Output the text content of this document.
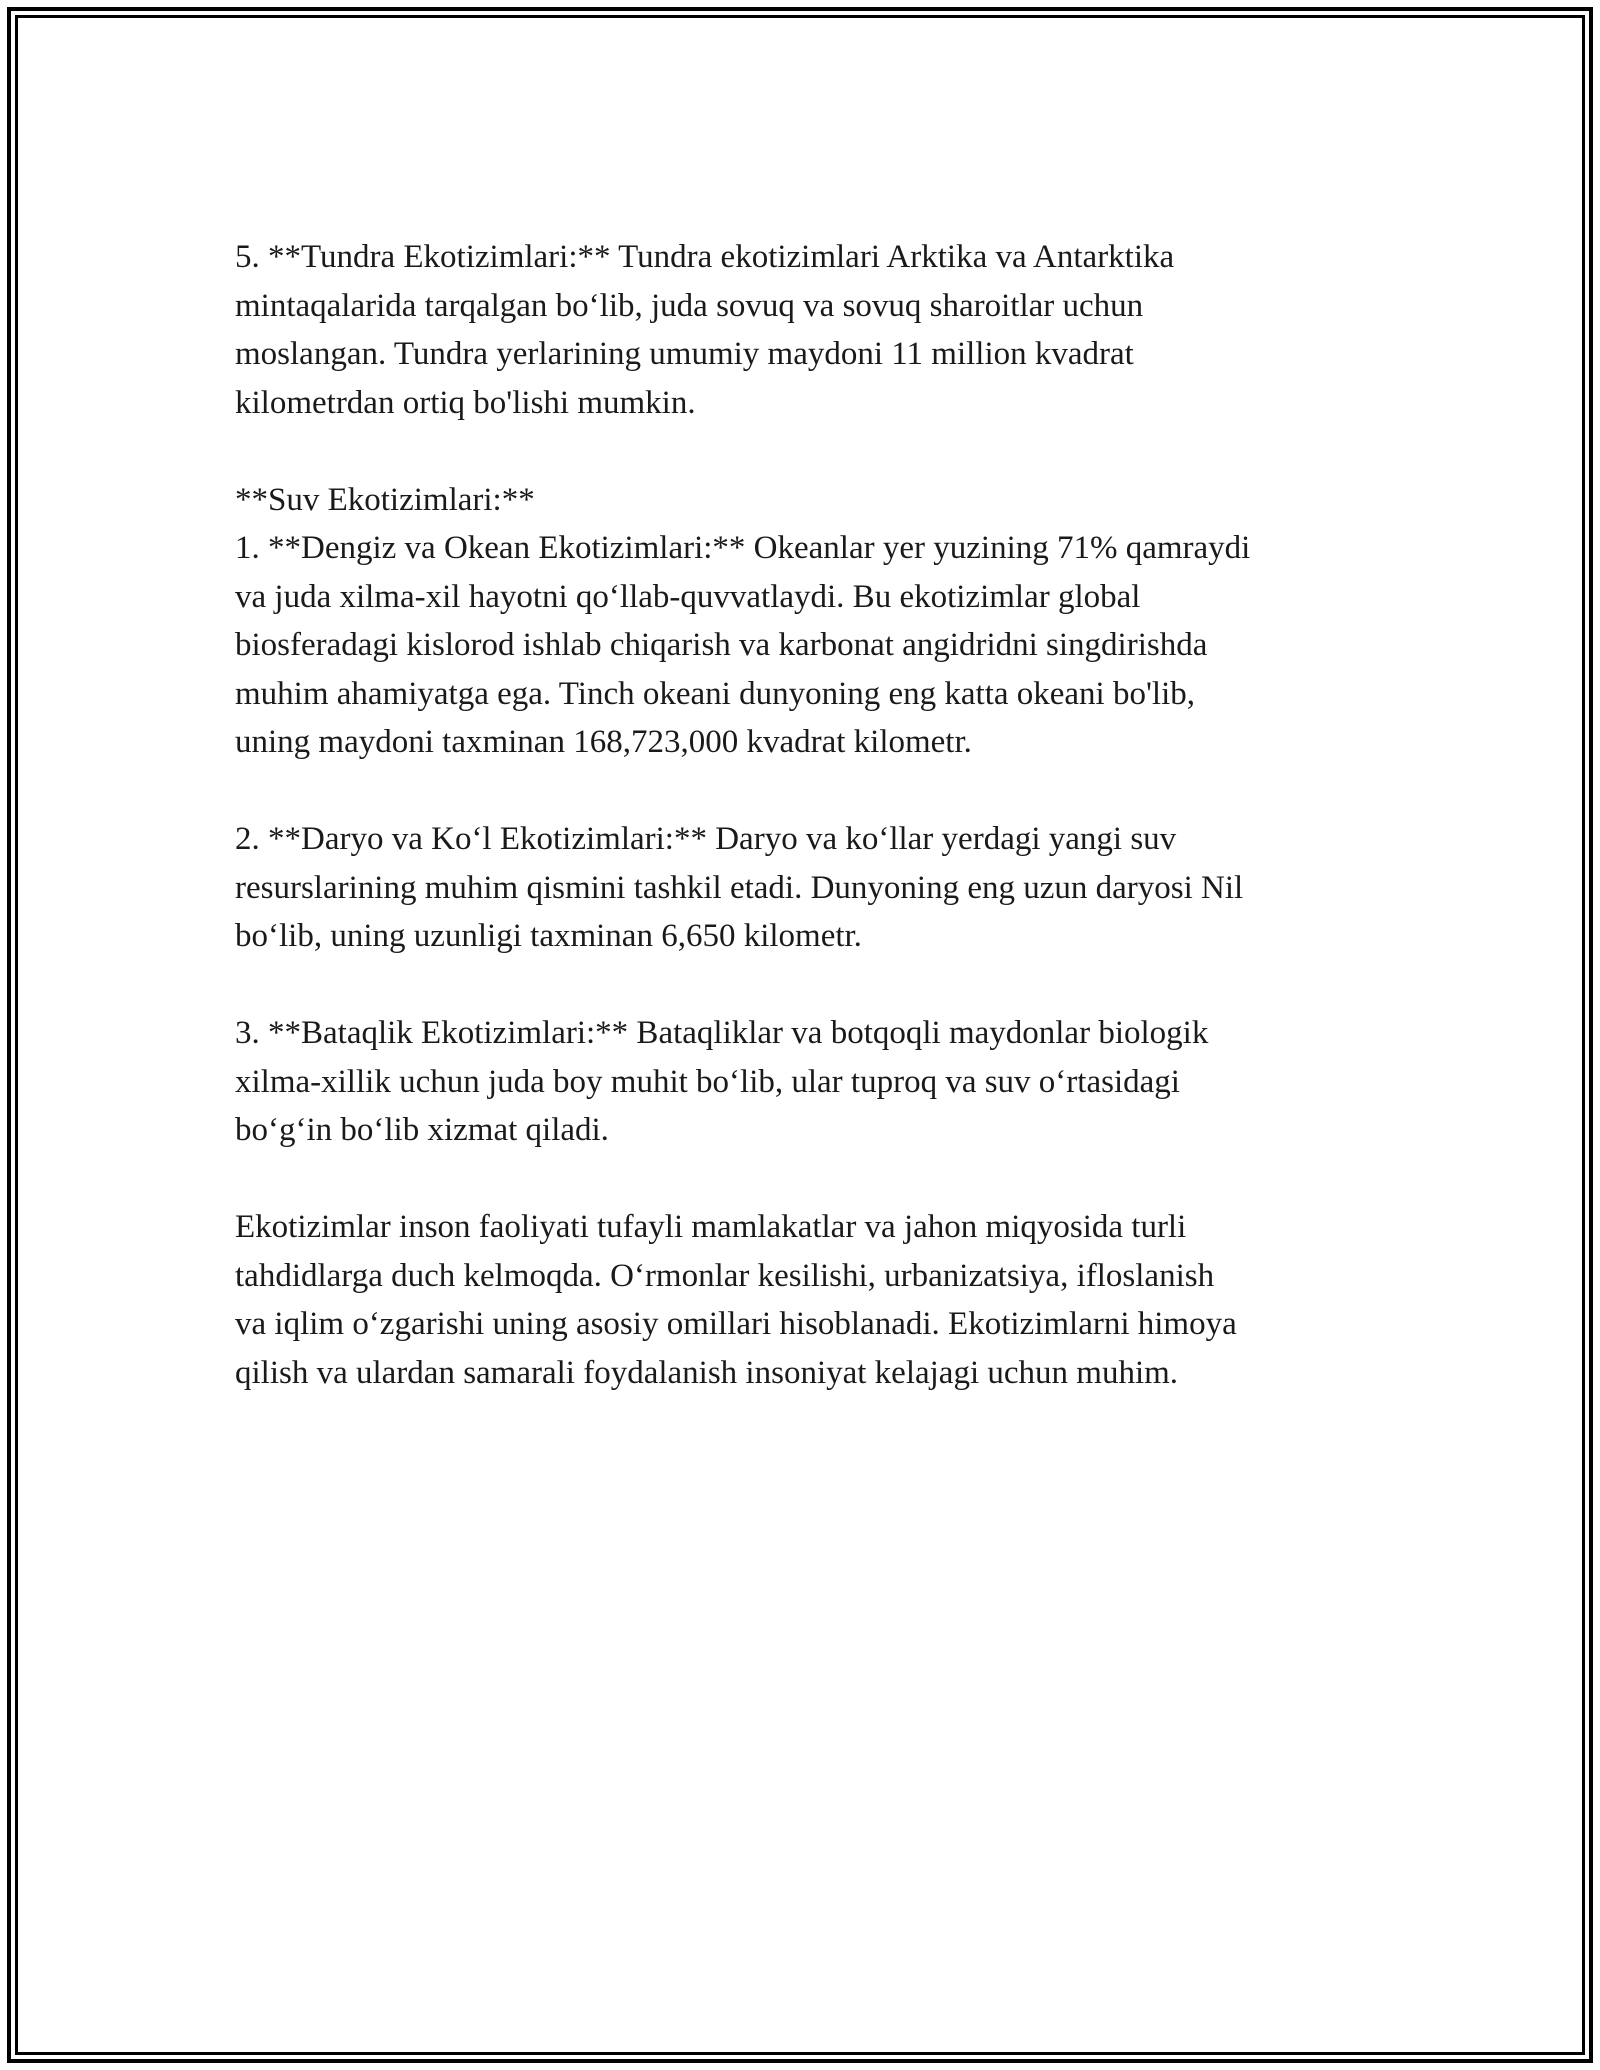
5. **Tundra Ekotizimlari:** Tundra ekotizimlari Arktika va Antarktika
mintaqalarida tarqalgan bo‘lib, juda sovuq va sovuq sharoitlar uchun
moslangan. Tundra yerlarining umumiy maydoni 11 million kvadrat
kilometrdan ortiq bo'lishi mumkin.

**Suv Ekotizimlari:**

1. **Dengiz va Okean Ekotizimlari:** Okeanlar yer yuzining 71% qamraydi
va juda xilma-xil hayotni qo‘llab-quvvatlaydi. Bu ekotizimlar global
biosferadagi kislorod ishlab chiqarish va karbonat angidridni singdirishda
muhim ahamiyatga ega. Tinch okeani dunyoning eng katta okeani bo'lib,
uning maydoni taxminan 168,723,000 kvadrat kilometr.

2. **Daryo va Ko‘l Ekotizimlari:** Daryo va ko‘llar yerdagi yangi suv
resurslarining muhim qismini tashkil etadi. Dunyoning eng uzun daryosi Nil
bo‘lib, uning uzunligi taxminan 6,650 kilometr.

3. **Bataqlik Ekotizimlari:** Bataqliklar va botqoqli maydonlar biologik
xilma-xillik uchun juda boy muhit bo‘lib, ular tuproq va suv o‘rtasidagi
bo‘g‘in bo‘lib xizmat qiladi.

Ekotizimlar inson faoliyati tufayli mamlakatlar va jahon miqyosida turli
tahdidlarga duch kelmoqda. O‘rmonlar kesilishi, urbanizatsiya, ifloslanish
va iqlim o‘zgarishi uning asosiy omillari hisoblanadi. Ekotizimlarni himoya
qilish va ulardan samarali foydalanish insoniyat kelajagi uchun muhim.
